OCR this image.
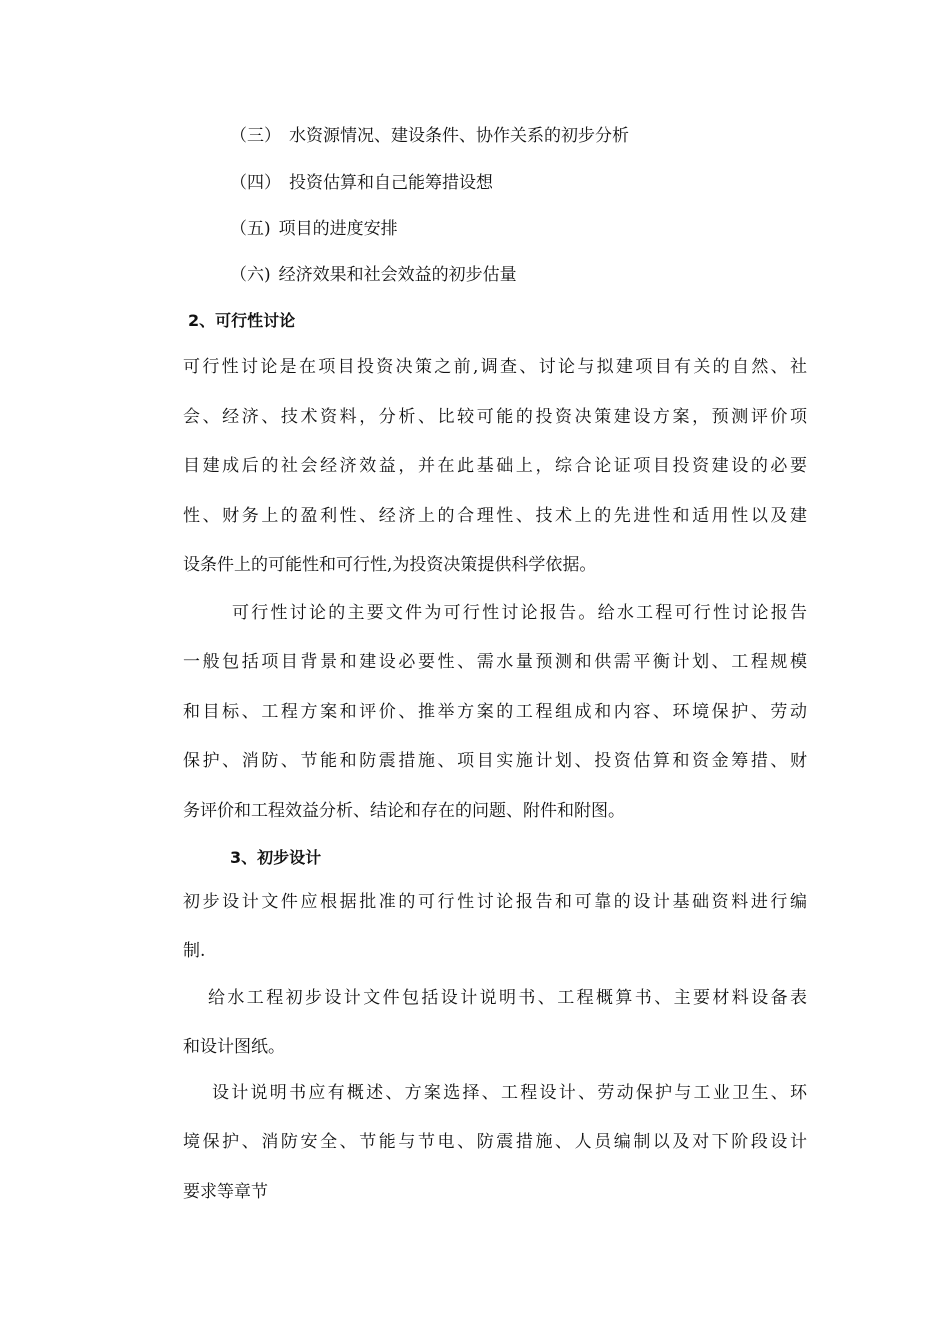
（三） 水资源情况、建设条件、协作关系的初步分析
（四） 投资估算和自己能筹措设想
（五) 项目的进度安排
（六) 经济效果和社会效益的初步估量
2、可行性讨论
可行性讨论是在项目投资决策之前,调查、讨论与拟建项目有关的自然、社
会、经济、技术资料，分析、比较可能的投资决策建设方案，预测评价项
目建成后的社会经济效益，并在此基础上，综合论证项目投资建设的必要
性、财务上的盈利性、经济上的合理性、技术上的先进性和适用性以及建
设条件上的可能性和可行性,为投资决策提供科学依据。
可行性讨论的主要文件为可行性讨论报告。给水工程可行性讨论报告
一般包括项目背景和建设必要性、需水量预测和供需平衡计划、工程规模
和目标、工程方案和评价、推举方案的工程组成和内容、环境保护、劳动
保护、消防、节能和防震措施、项目实施计划、投资估算和资金筹措、财
务评价和工程效益分析、结论和存在的问题、附件和附图。
3、初步设计
初步设计文件应根据批准的可行性讨论报告和可靠的设计基础资料进行编
制.
给水工程初步设计文件包括设计说明书、工程概算书、主要材料设备表
和设计图纸。
设计说明书应有概述、方案选择、工程设计、劳动保护与工业卫生、环
境保护、消防安全、节能与节电、防震措施、人员编制以及对下阶段设计
要求等章节
